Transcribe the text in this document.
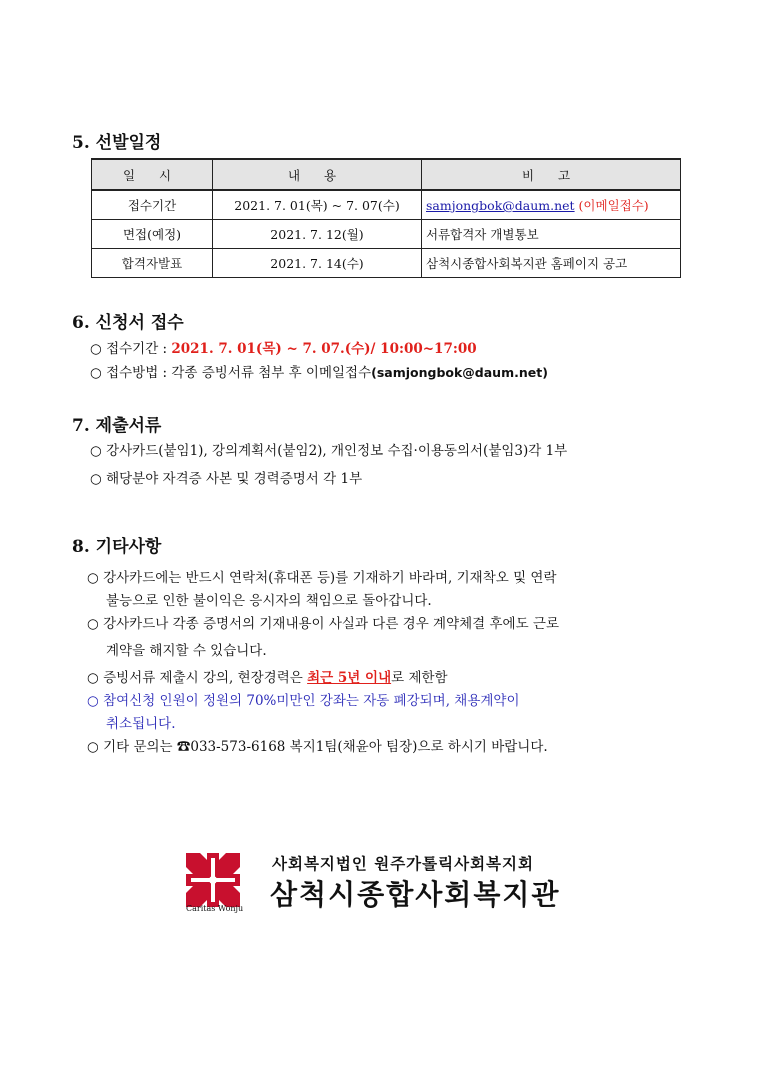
5. 선발일정
일 시	내 용	비 고
접수기간	2021. 7. 01(목) ~ 7. 07(수)	samjongbok@daum.net (이메일접수)
면접(예정)	2021. 7. 12(월)	서류합격자 개별통보
합격자발표	2021. 7. 14(수)	삼척시종합사회복지관 홈페이지 공고
6. 신청서 접수
○ 접수기간 : 2021. 7. 01(목) ~ 7. 07.(수)/ 10:00~17:00
○ 접수방법 : 각종 증빙서류 첨부 후 이메일접수(samjongbok@daum.net)
7. 제출서류
○ 강사카드(붙임1), 강의계획서(붙임2), 개인정보 수집·이용동의서(붙임3)각 1부
○ 해당분야 자격증 사본 및 경력증명서 각 1부
8. 기타사항
○ 강사카드에는 반드시 연락처(휴대폰 등)를 기재하기 바라며, 기재착오 및 연락
불능으로 인한 불이익은 응시자의 책임으로 돌아갑니다.
○ 강사카드나 각종 증명서의 기재내용이 사실과 다른 경우 계약체결 후에도 근로
계약을 해지할 수 있습니다.
○ 증빙서류 제출시 강의, 현장경력은 최근 5년 이내로 제한함
○ 참여신청 인원이 정원의 70%미만인 강좌는 자동 폐강되며, 채용계약이
취소됩니다.
○ 기타 문의는 ☎033-573-6168 복지1팀(채윤아 팀장)으로 하시기 바랍니다.
Caritas Wonju
사회복지법인 원주가톨릭사회복지회
삼척시종합사회복지관
